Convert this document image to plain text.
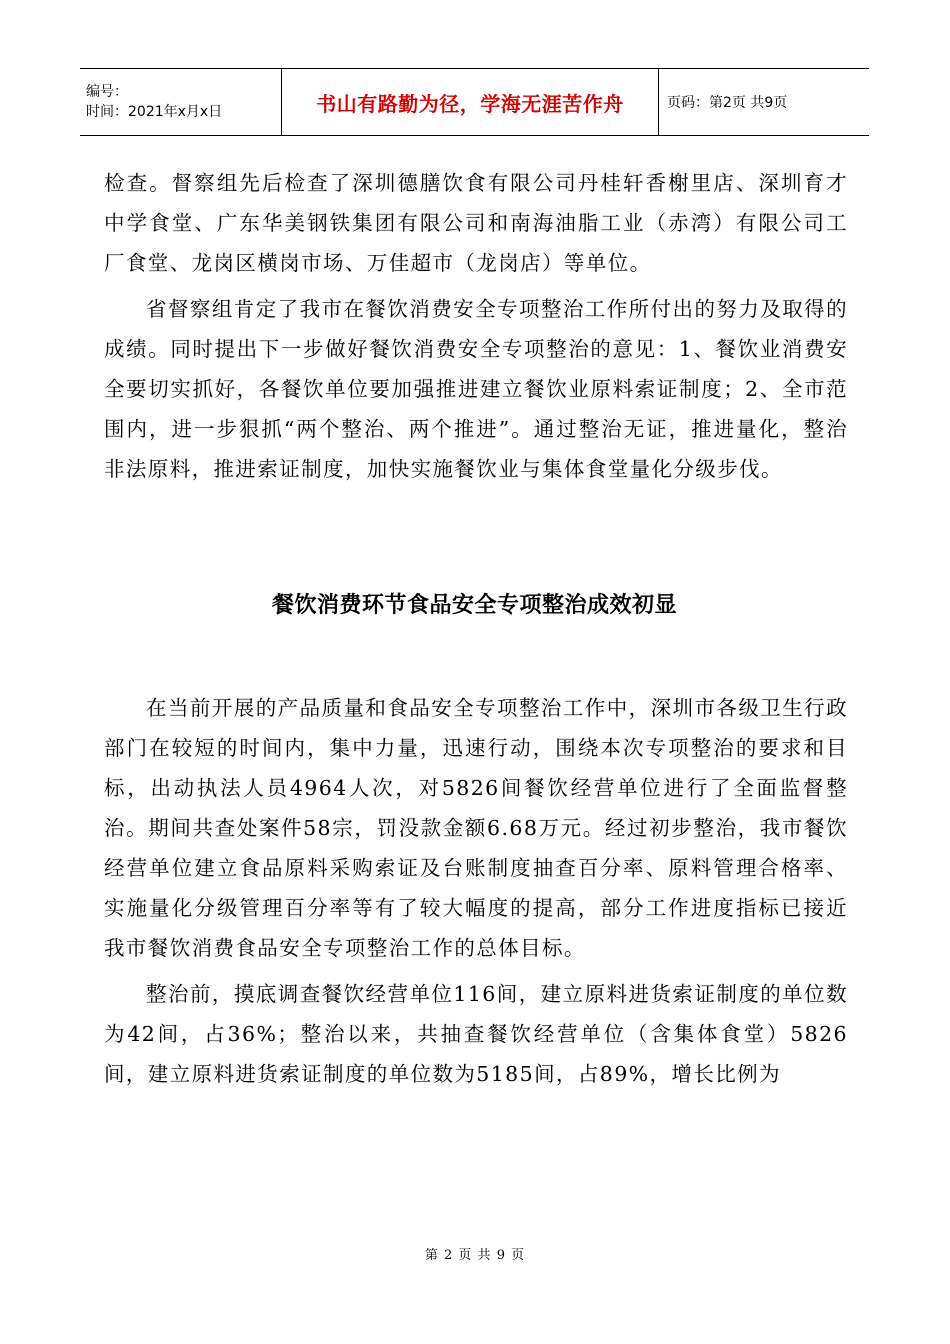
编号：
时间：2021年x月x日	书山有路勤为径，学海无涯苦作舟	页码：第2页 共9页

检查。督察组先后检查了深圳德膳饮食有限公司丹桂轩香榭里店、深圳育才中学食堂、广东华美钢铁集团有限公司和南海油脂工业（赤湾）有限公司工厂食堂、龙岗区横岗市场、万佳超市（龙岗店）等单位。

省督察组肯定了我市在餐饮消费安全专项整治工作所付出的努力及取得的成绩。同时提出下一步做好餐饮消费安全专项整治的意见：1、餐饮业消费安全要切实抓好，各餐饮单位要加强推进建立餐饮业原料索证制度；2、全市范围内，进一步狠抓“两个整治、两个推进”。通过整治无证，推进量化，整治非法原料，推进索证制度，加快实施餐饮业与集体食堂量化分级步伐。

餐饮消费环节食品安全专项整治成效初显

在当前开展的产品质量和食品安全专项整治工作中，深圳市各级卫生行政部门在较短的时间内，集中力量，迅速行动，围绕本次专项整治的要求和目标，出动执法人员4964人次，对5826间餐饮经营单位进行了全面监督整治。期间共查处案件58宗，罚没款金额6.68万元。经过初步整治，我市餐饮经营单位建立食品原料采购索证及台账制度抽查百分率、原料管理合格率、实施量化分级管理百分率等有了较大幅度的提高，部分工作进度指标已接近我市餐饮消费食品安全专项整治工作的总体目标。

整治前，摸底调查餐饮经营单位116间，建立原料进货索证制度的单位数为42间，占36%；整治以来，共抽查餐饮经营单位（含集体食堂）5826间，建立原料进货索证制度的单位数为5185间，占89%，增长比例为

第 2 页 共 9 页
